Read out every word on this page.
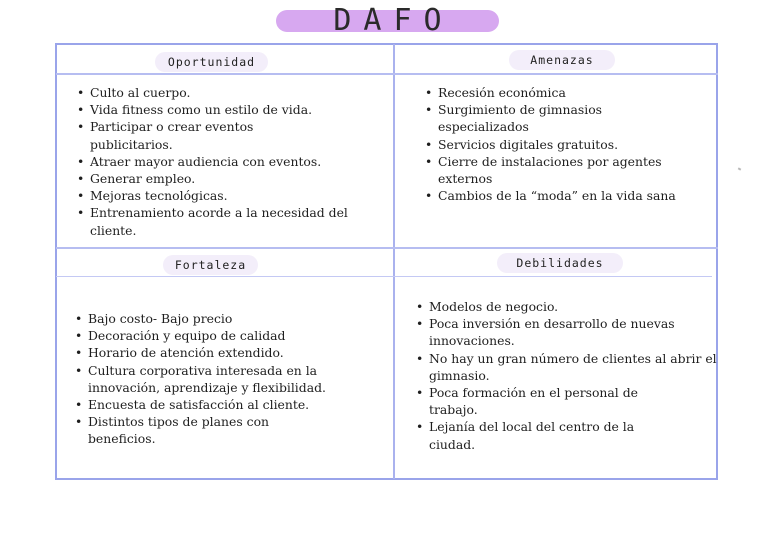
DAFO
Oportunidad
• Culto al cuerpo.
• Vida fitness como un estilo de vida.
• Participar o crear eventos publicitarios.
• Atraer mayor audiencia con eventos.
• Generar empleo.
• Mejoras tecnológicas.
• Entrenamiento acorde a la necesidad del cliente.
Amenazas
• Recesión económica
• Surgimiento de gimnasios especializados
• Servicios digitales gratuitos.
• Cierre de instalaciones por agentes externos
• Cambios de la “moda” en la vida sana
Fortaleza
• Bajo costo- Bajo precio
• Decoración y equipo de calidad
• Horario de atención extendido.
• Cultura corporativa interesada en la innovación, aprendizaje y flexibilidad.
• Encuesta de satisfacción al cliente.
• Distintos tipos de planes con beneficios.
Debilidades
• Modelos de negocio.
• Poca inversión en desarrollo de nuevas innovaciones.
• No hay un gran número de clientes al abrir el gimnasio.
• Poca formación en el personal de trabajo.
• Lejanía del local del centro de la ciudad.
